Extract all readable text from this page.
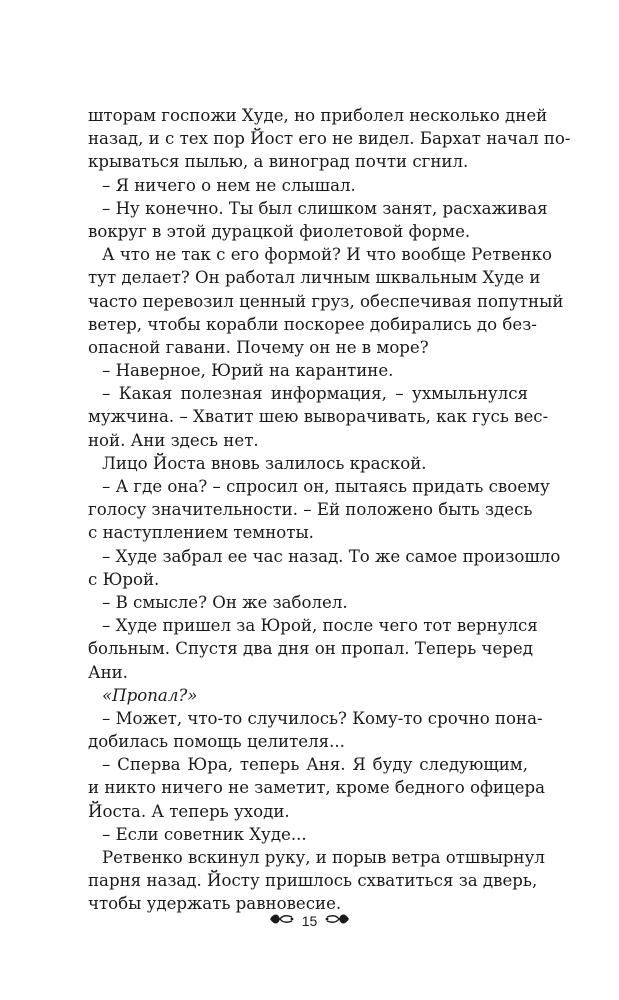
шторам госпожи Худе, но приболел несколько дней
назад, и с тех пор Йост его не видел. Бархат начал по-
крываться пылью, а виноград почти сгнил.
– Я ничего о нем не слышал.
– Ну конечно. Ты был слишком занят, расхаживая
вокруг в этой дурацкой фиолетовой форме.
А что не так с его формой? И что вообще Ретвенко
тут делает? Он работал личным шквальным Худе и
часто перевозил ценный груз, обеспечивая попутный
ветер, чтобы корабли поскорее добирались до без-
опасной гавани. Почему он не в море?
– Наверное, Юрий на карантине.
– Какая полезная информация, – ухмыльнулся
мужчина. – Хватит шею выворачивать, как гусь вес-
ной. Ани здесь нет.
Лицо Йоста вновь залилось краской.
– А где она? – спросил он, пытаясь придать своему
голосу значительности. – Ей положено быть здесь
с наступлением темноты.
– Худе забрал ее час назад. То же самое произошло
с Юрой.
– В смысле? Он же заболел.
– Худе пришел за Юрой, после чего тот вернулся
больным. Спустя два дня он пропал. Теперь черед
Ани.
«Пропал?»
– Может, что-то случилось? Кому-то срочно пона-
добилась помощь целителя...
– Сперва Юра, теперь Аня. Я буду следующим,
и никто ничего не заметит, кроме бедного офицера
Йоста. А теперь уходи.
– Если советник Худе...
Ретвенко вскинул руку, и порыв ветра отшвырнул
парня назад. Йосту пришлось схватиться за дверь,
чтобы удержать равновесие.
15
